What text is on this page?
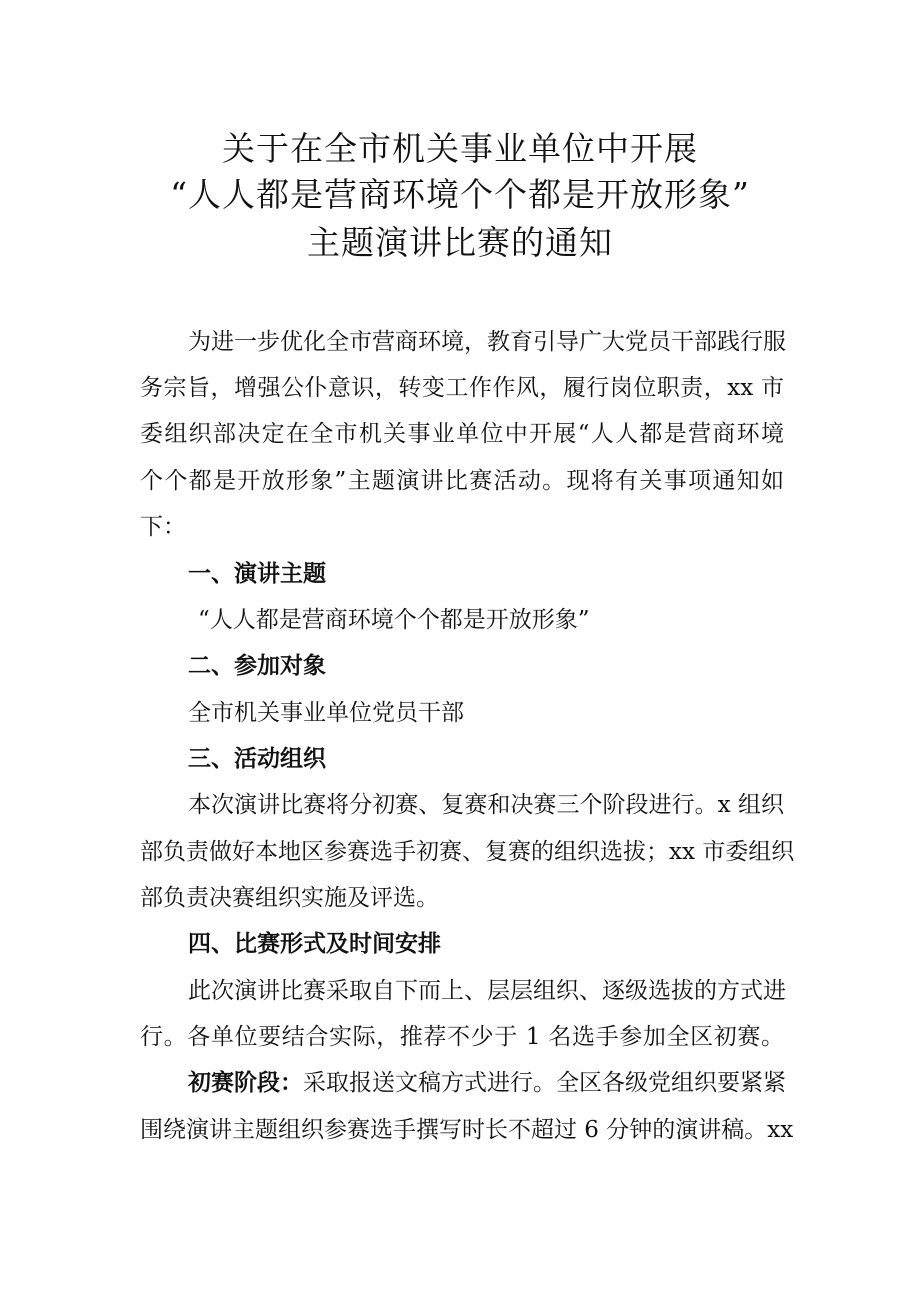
关于在全市机关事业单位中开展
“人人都是营商环境个个都是开放形象”
主题演讲比赛的通知
为进一步优化全市营商环境，教育引导广大党员干部践行服
务宗旨，增强公仆意识，转变工作作风，履行岗位职责，xx 市
委组织部决定在全市机关事业单位中开展“人人都是营商环境
个个都是开放形象”主题演讲比赛活动。现将有关事项通知如
下：
一、演讲主题
“人人都是营商环境个个都是开放形象”
二、参加对象
全市机关事业单位党员干部
三、活动组织
本次演讲比赛将分初赛、复赛和决赛三个阶段进行。x 组织
部负责做好本地区参赛选手初赛、复赛的组织选拔；xx 市委组织
部负责决赛组织实施及评选。
四、比赛形式及时间安排
此次演讲比赛采取自下而上、层层组织、逐级选拔的方式进
行。各单位要结合实际，推荐不少于 1 名选手参加全区初赛。
初赛阶段：采取报送文稿方式进行。全区各级党组织要紧紧
围绕演讲主题组织参赛选手撰写时长不超过 6 分钟的演讲稿。xx
